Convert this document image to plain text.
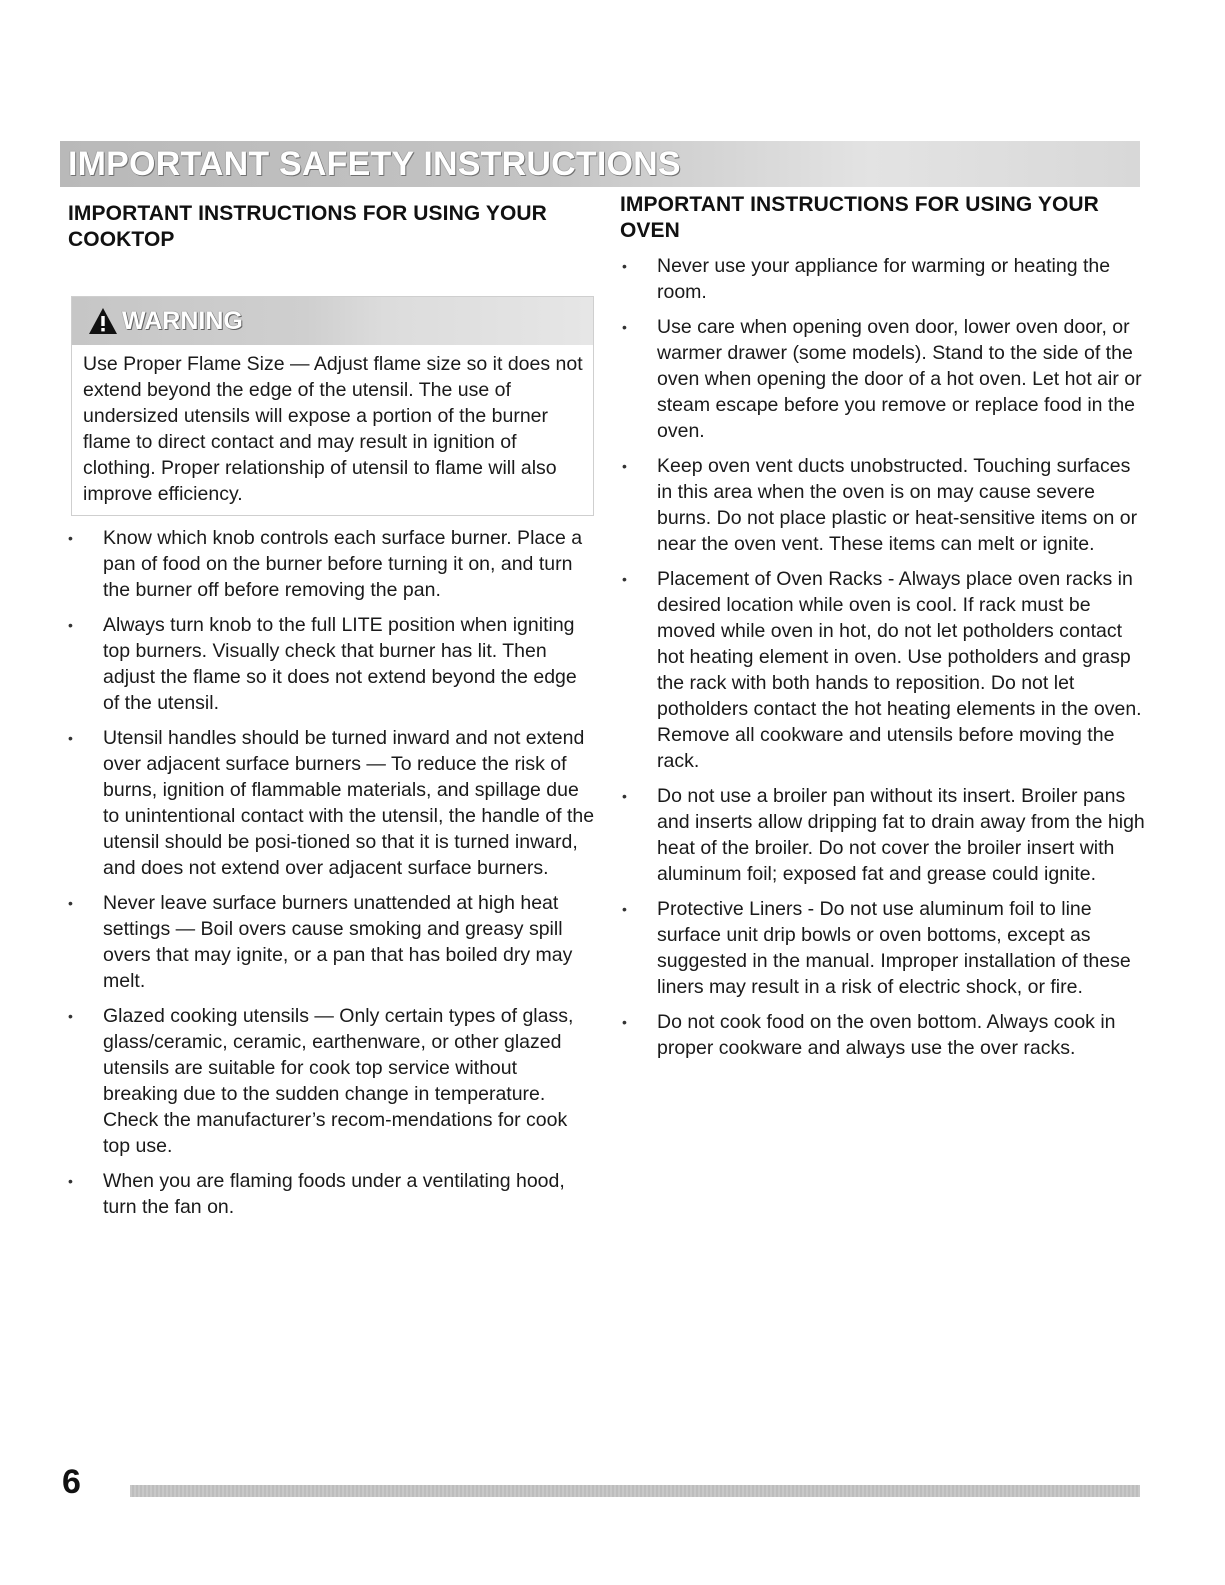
IMPORTANT SAFETY INSTRUCTIONS
IMPORTANT INSTRUCTIONS FOR USING YOUR COOKTOP
WARNING

Use Proper Flame Size — Adjust flame size so it does not extend beyond the edge of the utensil. The use of undersized utensils will expose a portion of the burner flame to direct contact and may result in ignition of clothing. Proper relationship of utensil to flame will also improve efficiency.

• Know which knob controls each surface burner. Place a pan of food on the burner before turning it on, and turn the burner off before removing the pan.
• Always turn knob to the full LITE position when igniting top burners. Visually check that burner has lit. Then adjust the flame so it does not extend beyond the edge of the utensil.
• Utensil handles should be turned inward and not extend over adjacent surface burners — To reduce the risk of burns, ignition of flammable materials, and spillage due to unintentional contact with the utensil, the handle of the utensil should be posi-tioned so that it is turned inward, and does not extend over adjacent surface burners.
• Never leave surface burners unattended at high heat settings — Boil overs cause smoking and greasy spill overs that may ignite, or a pan that has boiled dry may melt.
• Glazed cooking utensils — Only certain types of glass, glass/ceramic, ceramic, earthenware, or other glazed utensils are suitable for cook top service without breaking due to the sudden change in temperature. Check the manufacturer’s recom-mendations for cook top use.
• When you are flaming foods under a ventilating hood, turn the fan on.
IMPORTANT INSTRUCTIONS FOR USING YOUR OVEN
• Never use your appliance for warming or heating the room.
• Use care when opening oven door, lower oven door, or warmer drawer (some models). Stand to the side of the oven when opening the door of a hot oven. Let hot air or steam escape before you remove or replace food in the oven.
• Keep oven vent ducts unobstructed. Touching surfaces in this area when the oven is on may cause severe burns. Do not place plastic or heat-sensitive items on or near the oven vent. These items can melt or ignite.
• Placement of Oven Racks - Always place oven racks in desired location while oven is cool. If rack must be moved while oven in hot, do not let potholders contact hot heating element in oven. Use potholders and grasp the rack with both hands to reposition. Do not let potholders contact the hot heating elements in the oven. Remove all cookware and utensils before moving the rack.
• Do not use a broiler pan without its insert. Broiler pans and inserts allow dripping fat to drain away from the high heat of the broiler. Do not cover the broiler insert with aluminum foil; exposed fat and grease could ignite.
• Protective Liners - Do not use aluminum foil to line surface unit drip bowls or oven bottoms, except as suggested in the manual. Improper installation of these liners may result in a risk of electric shock, or fire.
• Do not cook food on the oven bottom. Always cook in proper cookware and always use the over racks.
6
